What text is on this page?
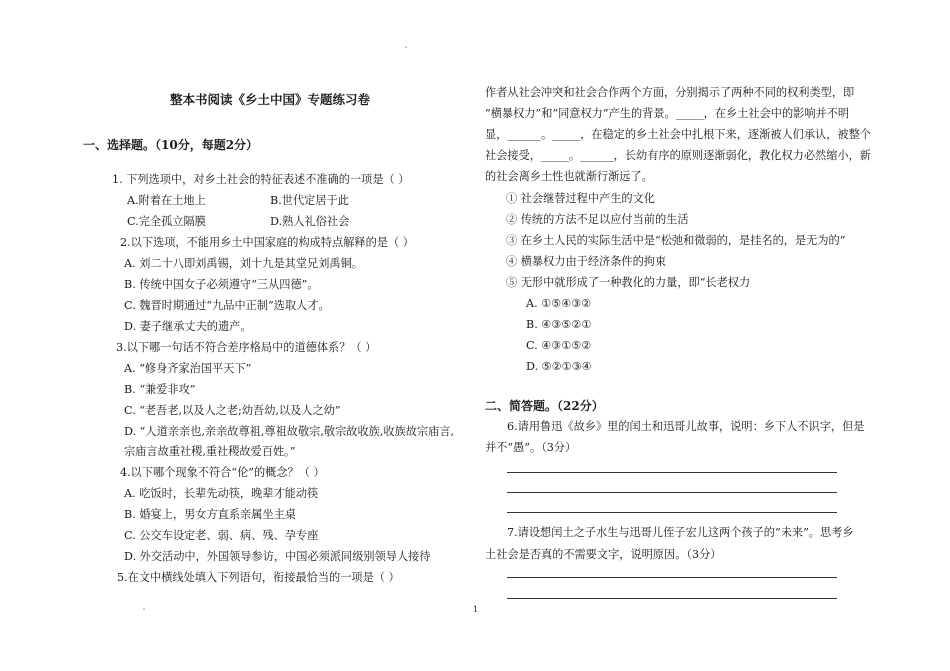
整本书阅读《乡土中国》专题练习卷
一、选择题。（10分，每题2分）
1. 下列选项中，对乡土社会的特征表述不准确的一项是（ ）
A.附着在土地上	B.世代定居于此
C.完全孤立隔膜	D.熟人礼俗社会
2.以下选项，不能用乡土中国家庭的构成特点解释的是（ ）
A. 刘二十八即刘禹锡，刘十九是其堂兄刘禹铜。
B. 传统中国女子必须遵守“三从四德”。
C. 魏晋时期通过“九品中正制”选取人才。
D. 妻子继承丈夫的遗产。
3.以下哪一句话不符合差序格局中的道德体系？（ ）
A. “修身齐家治国平天下”
B. “兼爱非攻”
C. “老吾老,以及人之老;幼吾幼,以及人之幼”
D. “人道亲亲也,亲亲故尊祖,尊祖故敬宗,敬宗故收族,收族故宗庙言,
宗庙言故重社稷,重社稷故爱百姓。”
4.以下哪个现象不符合“伦”的概念？（ ）
A. 吃饭时，长辈先动筷，晚辈才能动筷
B. 婚宴上，男女方直系亲属坐主桌
C. 公交车设定老、弱、病、残、孕专座
D. 外交活动中，外国领导参访，中国必须派同级别领导人接待
5.在文中横线处填入下列语句，衔接最恰当的一项是（ ）
作者从社会冲突和社会合作两个方面，分别揭示了两种不同的权利类型，即
“横暴权力”和“同意权力”产生的背景。_____，在乡土社会中的影响并不明
显，______。_____，在稳定的乡土社会中扎根下来，逐渐被人们承认，被整个
社会接受，_____。______，长幼有序的原则逐渐弱化，教化权力必然缩小，新
的社会离乡土性也就渐行渐远了。
① 社会继替过程中产生的文化
② 传统的方法不足以应付当前的生活
③ 在乡土人民的实际生活中是“松弛和微弱的，是挂名的，是无为的”
④ 横暴权力由于经济条件的拘束
⑤ 无形中就形成了一种教化的力量，即“长老权力
A. ①⑤④③②
B. ④③⑤②①
C. ④③①⑤②
D. ⑤②①③④
二、简答题。（22分）
6.请用鲁迅《故乡》里的闰土和迅哥儿故事，说明：乡下人不识字，但是
并不“愚”。（3分）
7.请设想闰土之子水生与迅哥儿侄子宏儿这两个孩子的“未来”。思考乡
土社会是否真的不需要文字，说明原因。（3分）
1
